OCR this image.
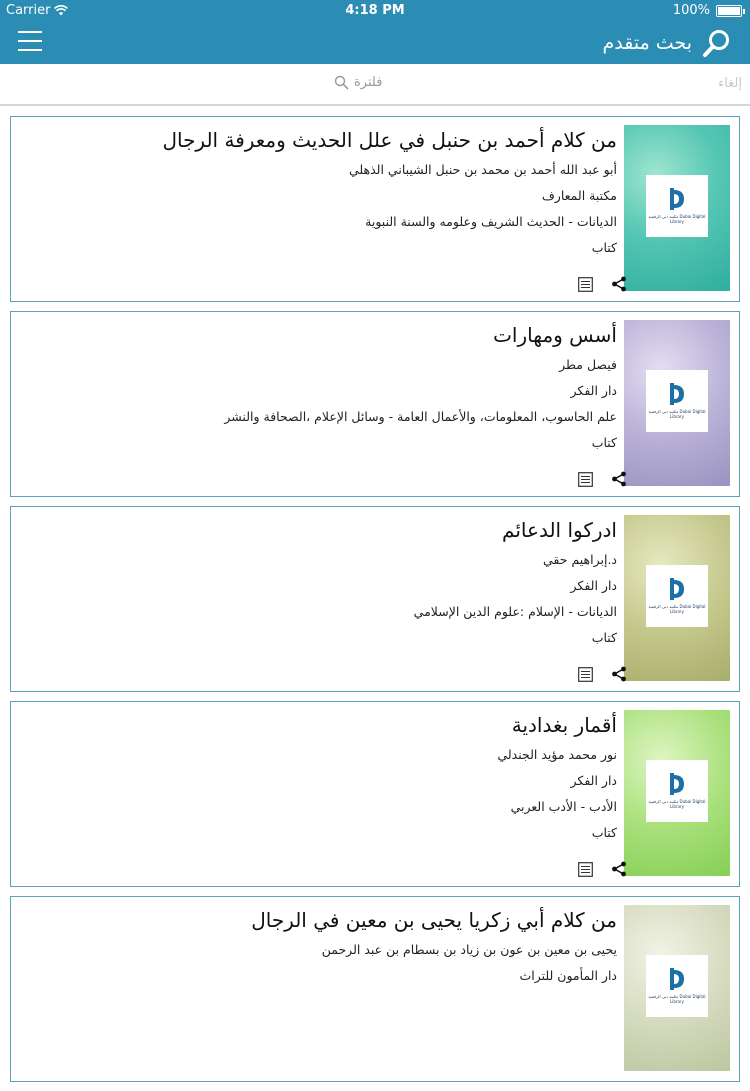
Carrier	4:18 PM	100%
بحث متقدم
فلترة	إلغاء
مكتبة دبي الرقمية Dubai Digital Library
من كلام أحمد بن حنبل في علل الحديث ومعرفة الرجال
أبو عبد الله أحمد بن محمد بن حنبل الشيباني الذهلي
مكتبة المعارف
الديانات - الحديث الشريف وعلومه والسنة النبوية
كتاب
مكتبة دبي الرقمية Dubai Digital Library
أسس ومهارات
فيصل مطر
دار الفكر
علم الحاسوب، المعلومات، والأعمال العامة - وسائل الإعلام ،الصحافة والنشر
كتاب
مكتبة دبي الرقمية Dubai Digital Library
ادركوا الدعائم
د.إبراهيم حقي
دار الفكر
الديانات - الإسلام :علوم الدين الإسلامي
كتاب
مكتبة دبي الرقمية Dubai Digital Library
أقمار بغدادية
نور محمد مؤيد الجندلي
دار الفكر
الأدب - الأدب العربي
كتاب
مكتبة دبي الرقمية Dubai Digital Library
من كلام أبي زكريا يحيى بن معين في الرجال
يحيى بن معين بن عون بن زياد بن بسطام بن عبد الرحمن
دار المأمون للتراث
